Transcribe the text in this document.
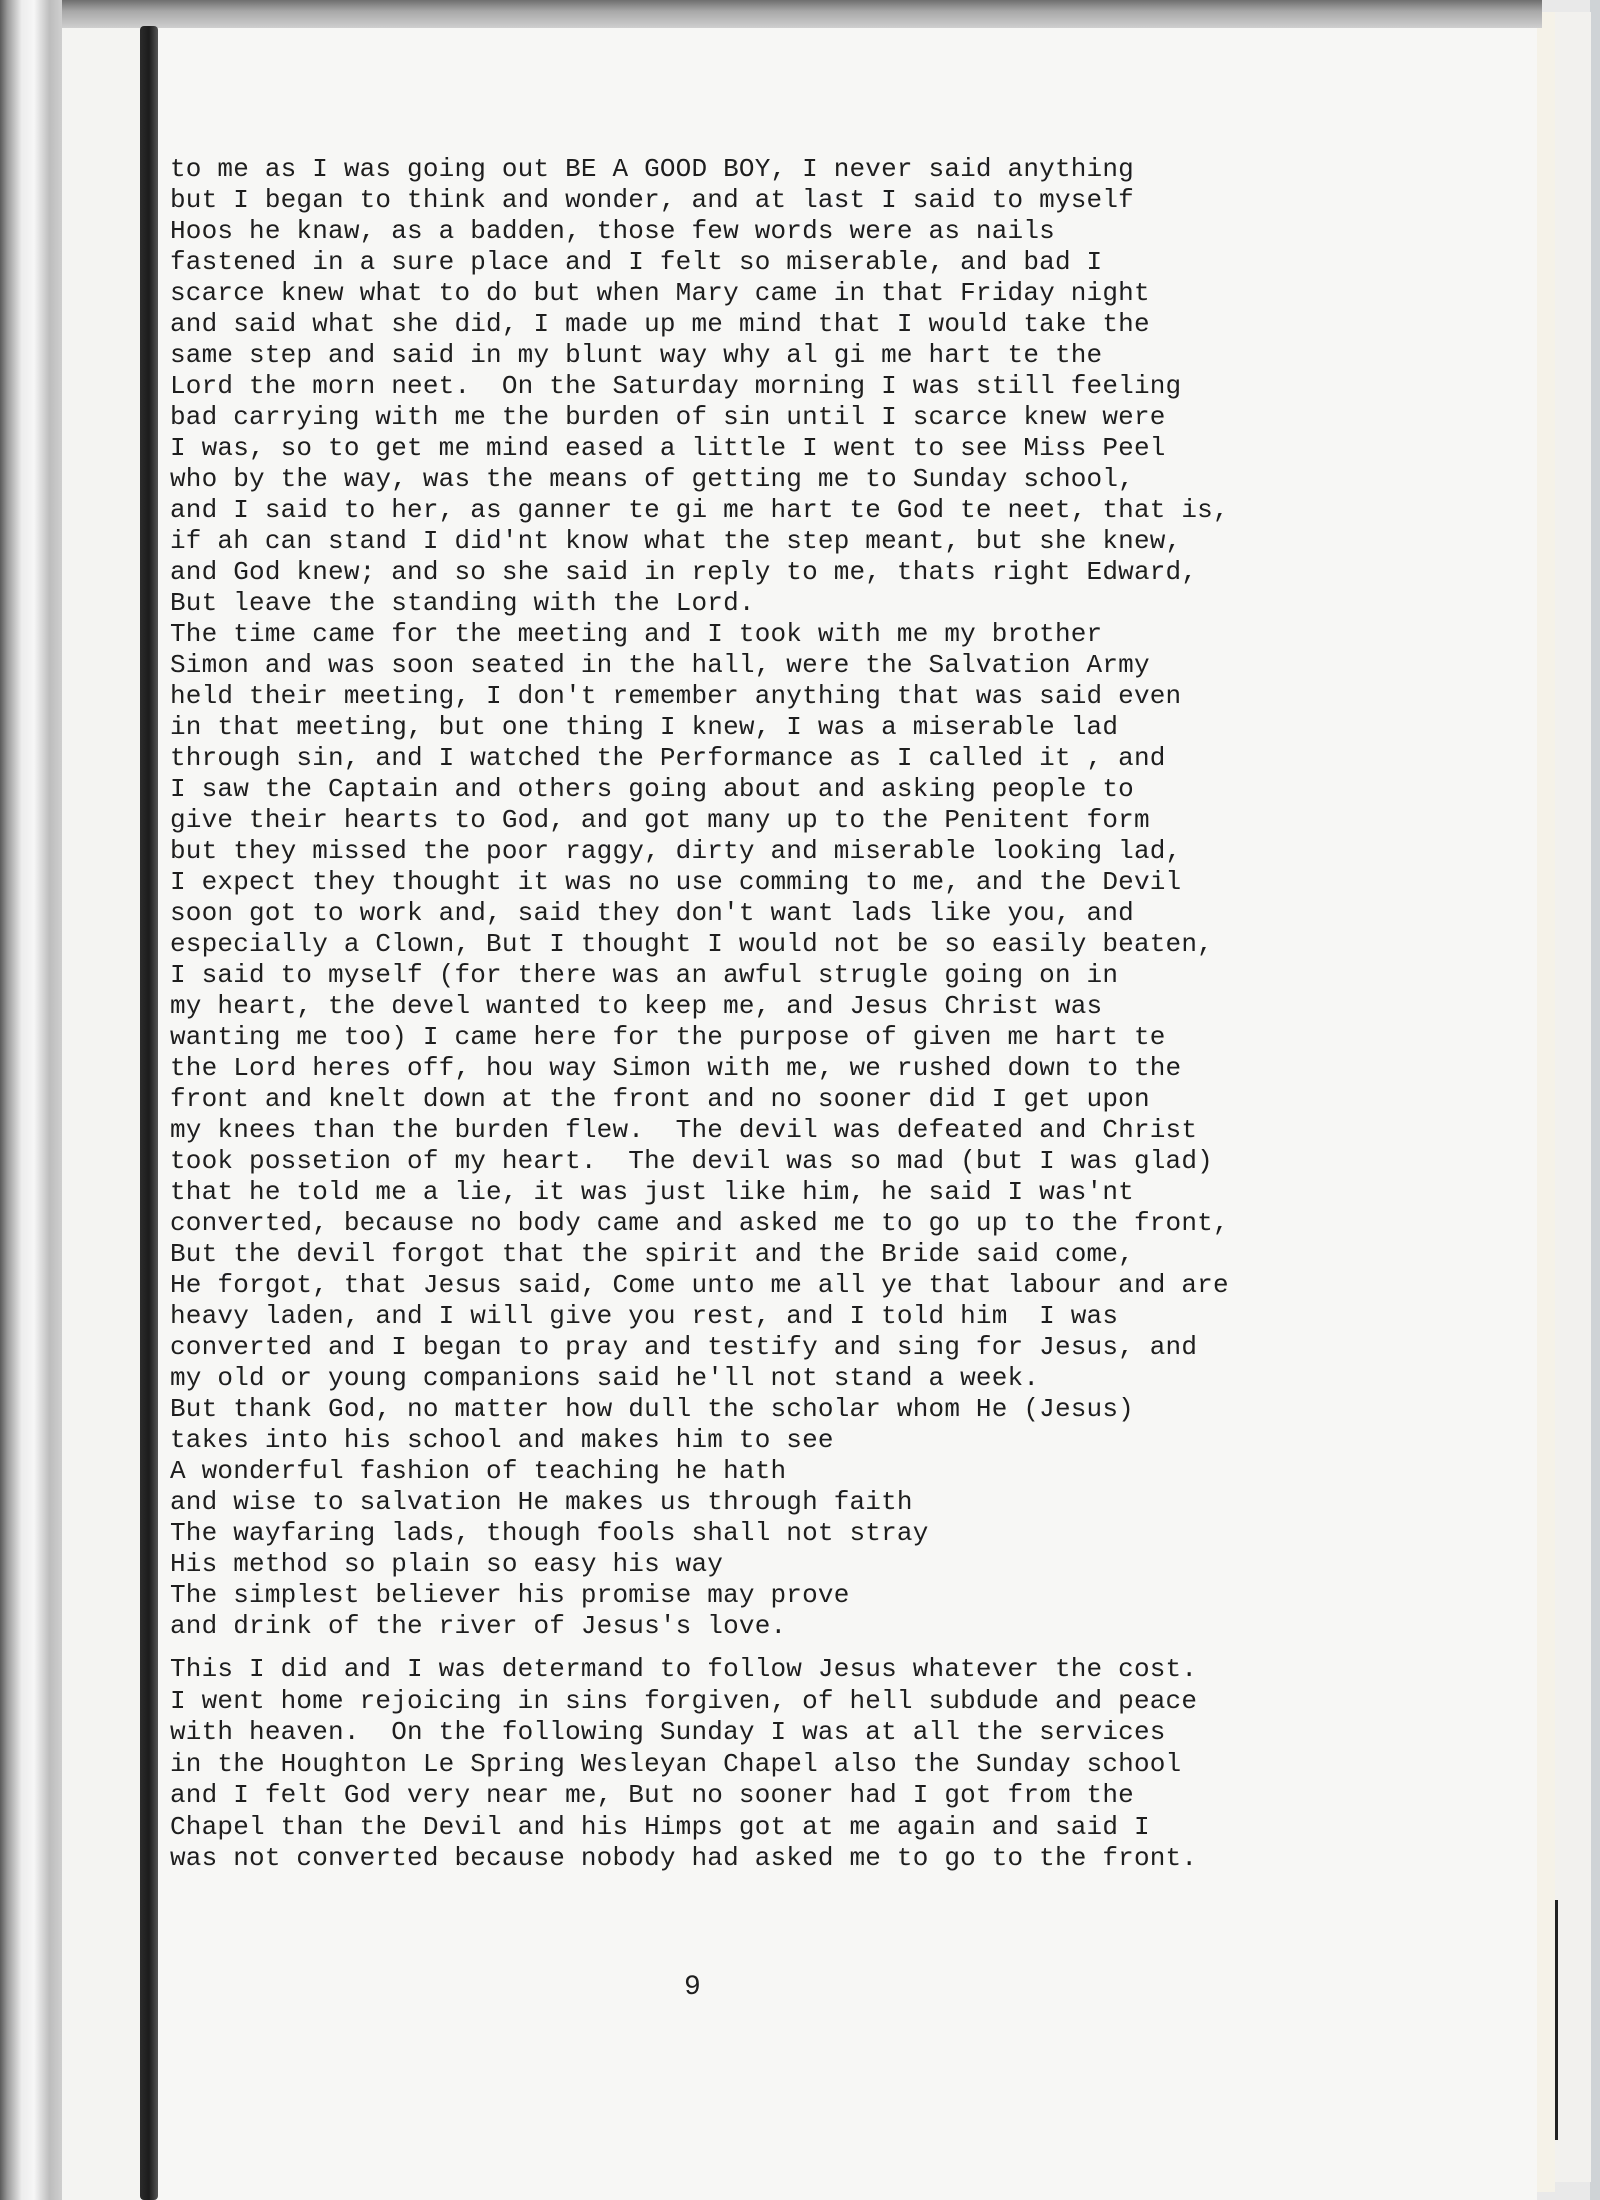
to me as I was going out BE A GOOD BOY, I never said anything
but I began to think and wonder, and at last I said to myself
Hoos he knaw, as a badden, those few words were as nails
fastened in a sure place and I felt so miserable, and bad I
scarce knew what to do but when Mary came in that Friday night
and said what she did, I made up me mind that I would take the
same step and said in my blunt way why al gi me hart te the
Lord the morn neet.  On the Saturday morning I was still feeling
bad carrying with me the burden of sin until I scarce knew were
I was, so to get me mind eased a little I went to see Miss Peel
who by the way, was the means of getting me to Sunday school,
and I said to her, as ganner te gi me hart te God te neet, that is,
if ah can stand I did'nt know what the step meant, but she knew,
and God knew; and so she said in reply to me, thats right Edward,
But leave the standing with the Lord.
The time came for the meeting and I took with me my brother
Simon and was soon seated in the hall, were the Salvation Army
held their meeting, I don't remember anything that was said even
in that meeting, but one thing I knew, I was a miserable lad
through sin, and I watched the Performance as I called it , and
I saw the Captain and others going about and asking people to
give their hearts to God, and got many up to the Penitent form
but they missed the poor raggy, dirty and miserable looking lad,
I expect they thought it was no use comming to me, and the Devil
soon got to work and, said they don't want lads like you, and
especially a Clown, But I thought I would not be so easily beaten,
I said to myself (for there was an awful strugle going on in
my heart, the devel wanted to keep me, and Jesus Christ was
wanting me too) I came here for the purpose of given me hart te
the Lord heres off, hou way Simon with me, we rushed down to the
front and knelt down at the front and no sooner did I get upon
my knees than the burden flew.  The devil was defeated and Christ
took possetion of my heart.  The devil was so mad (but I was glad)
that he told me a lie, it was just like him, he said I was'nt
converted, because no body came and asked me to go up to the front,
But the devil forgot that the spirit and the Bride said come,
He forgot, that Jesus said, Come unto me all ye that labour and are
heavy laden, and I will give you rest, and I told him  I was
converted and I began to pray and testify and sing for Jesus, and
my old or young companions said he'll not stand a week.
But thank God, no matter how dull the scholar whom He (Jesus)
takes into his school and makes him to see
A wonderful fashion of teaching he hath
and wise to salvation He makes us through faith
The wayfaring lads, though fools shall not stray
His method so plain so easy his way
The simplest believer his promise may prove
and drink of the river of Jesus's love.
This I did and I was determand to follow Jesus whatever the cost.
I went home rejoicing in sins forgiven, of hell subdude and peace
with heaven.  On the following Sunday I was at all the services
in the Houghton Le Spring Wesleyan Chapel also the Sunday school
and I felt God very near me, But no sooner had I got from the
Chapel than the Devil and his Himps got at me again and said I
was not converted because nobody had asked me to go to the front.
9
